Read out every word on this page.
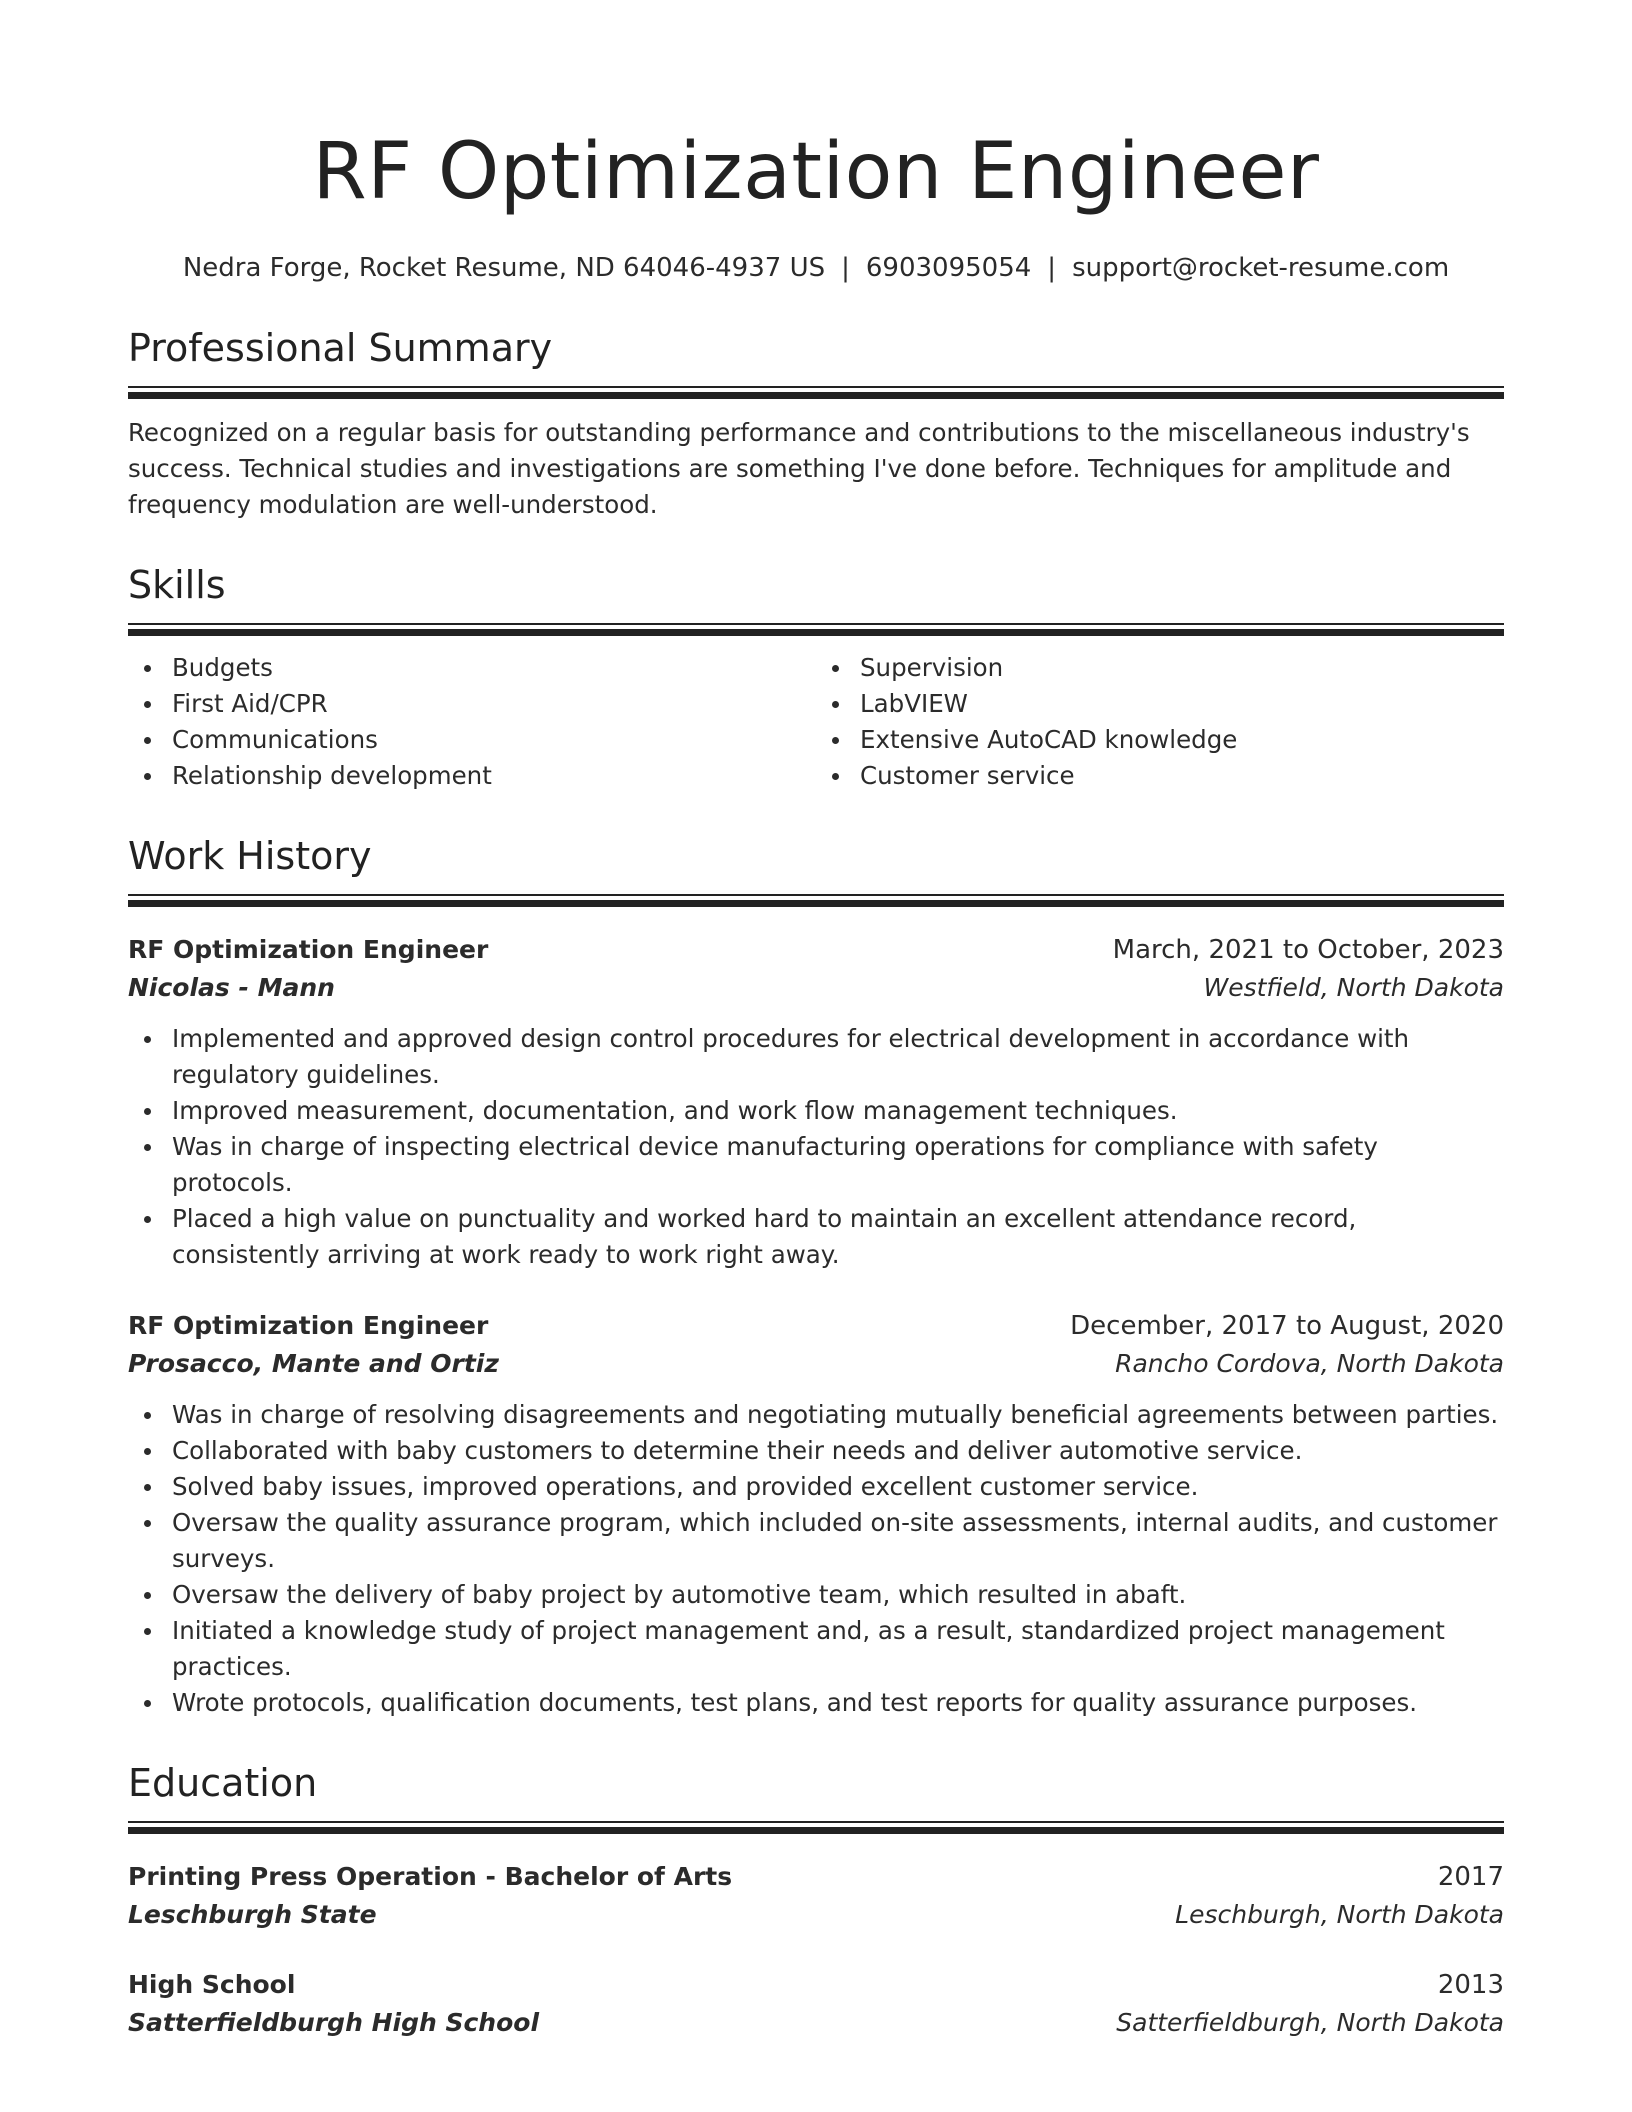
RF Optimization Engineer
Nedra Forge, Rocket Resume, ND 64046-4937 US | 6903095054 | support@rocket-resume.com
Professional Summary
Recognized on a regular basis for outstanding performance and contributions to the miscellaneous industry's success. Technical studies and investigations are something I've done before. Techniques for amplitude and frequency modulation are well-understood.
Skills
Budgets
First Aid/CPR
Communications
Relationship development
Supervision
LabVIEW
Extensive AutoCAD knowledge
Customer service
Work History
RF Optimization Engineer	March, 2021 to October, 2023
Nicolas - Mann	Westfield, North Dakota
Implemented and approved design control procedures for electrical development in accordance with regulatory guidelines.
Improved measurement, documentation, and work flow management techniques.
Was in charge of inspecting electrical device manufacturing operations for compliance with safety protocols.
Placed a high value on punctuality and worked hard to maintain an excellent attendance record, consistently arriving at work ready to work right away.
RF Optimization Engineer	December, 2017 to August, 2020
Prosacco, Mante and Ortiz	Rancho Cordova, North Dakota
Was in charge of resolving disagreements and negotiating mutually beneficial agreements between parties.
Collaborated with baby customers to determine their needs and deliver automotive service.
Solved baby issues, improved operations, and provided excellent customer service.
Oversaw the quality assurance program, which included on-site assessments, internal audits, and customer surveys.
Oversaw the delivery of baby project by automotive team, which resulted in abaft.
Initiated a knowledge study of project management and, as a result, standardized project management practices.
Wrote protocols, qualification documents, test plans, and test reports for quality assurance purposes.
Education
Printing Press Operation - Bachelor of Arts	2017
Leschburgh State	Leschburgh, North Dakota
High School	2013
Satterfieldburgh High School	Satterfieldburgh, North Dakota
